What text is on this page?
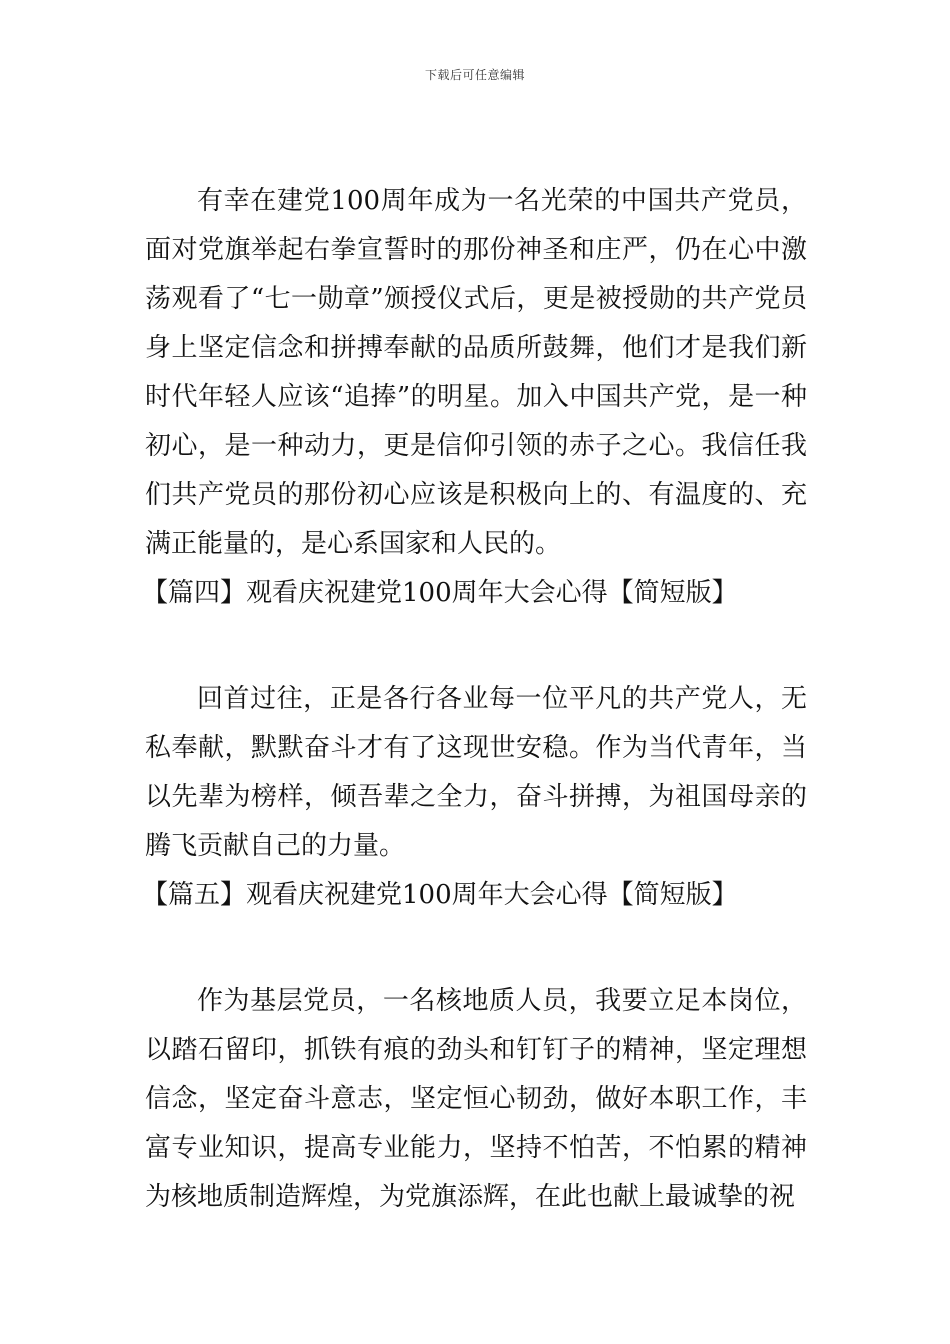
下载后可任意编辑

有幸在建党100周年成为一名光荣的中国共产党员，面对党旗举起右拳宣誓时的那份神圣和庄严，仍在心中激荡观看了“七一勋章”颁授仪式后，更是被授勋的共产党员身上坚定信念和拼搏奉献的品质所鼓舞，他们才是我们新时代年轻人应该“追捧”的明星。加入中国共产党，是一种初心，是一种动力，更是信仰引领的赤子之心。我信任我们共产党员的那份初心应该是积极向上的、有温度的、充满正能量的，是心系国家和人民的。

【篇四】观看庆祝建党100周年大会心得【简短版】

回首过往，正是各行各业每一位平凡的共产党人，无私奉献，默默奋斗才有了这现世安稳。作为当代青年，当以先辈为榜样，倾吾辈之全力，奋斗拼搏，为祖国母亲的腾飞贡献自己的力量。

【篇五】观看庆祝建党100周年大会心得【简短版】

作为基层党员，一名核地质人员，我要立足本岗位，以踏石留印，抓铁有痕的劲头和钉钉子的精神，坚定理想信念，坚定奋斗意志，坚定恒心韧劲，做好本职工作，丰富专业知识，提高专业能力，坚持不怕苦，不怕累的精神为核地质制造辉煌，为党旗添辉，在此也献上最诚挚的祝
